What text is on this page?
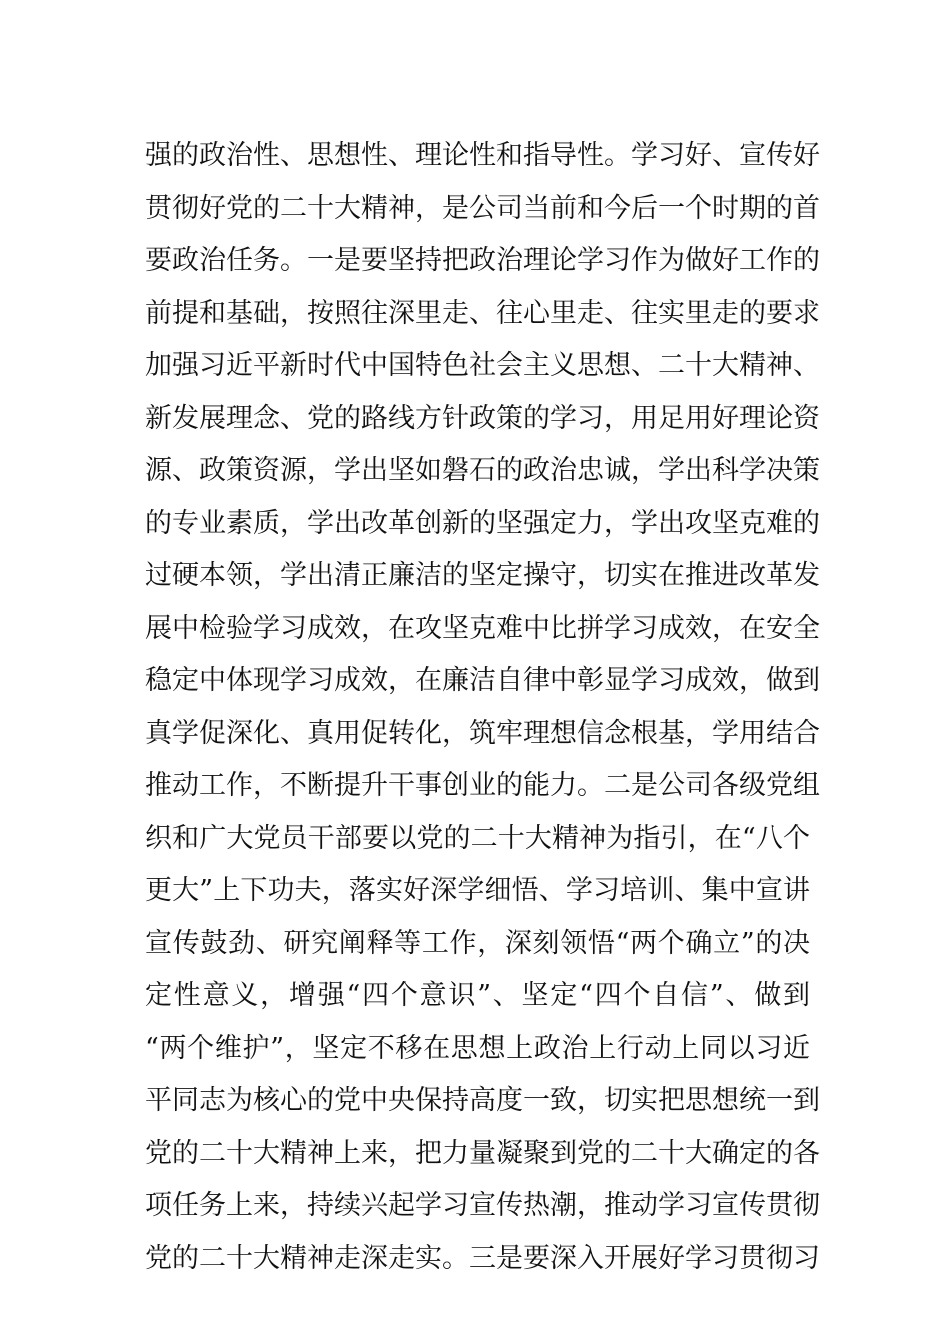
强的政治性、思想性、理论性和指导性。学习好、宣传好
贯彻好党的二十大精神，是公司当前和今后一个时期的首
要政治任务。一是要坚持把政治理论学习作为做好工作的
前提和基础，按照往深里走、往心里走、往实里走的要求
加强习近平新时代中国特色社会主义思想、二十大精神、
新发展理念、党的路线方针政策的学习，用足用好理论资
源、政策资源，学出坚如磐石的政治忠诚，学出科学决策
的专业素质，学出改革创新的坚强定力，学出攻坚克难的
过硬本领，学出清正廉洁的坚定操守，切实在推进改革发
展中检验学习成效，在攻坚克难中比拼学习成效，在安全
稳定中体现学习成效，在廉洁自律中彰显学习成效，做到
真学促深化、真用促转化，筑牢理想信念根基，学用结合
推动工作，不断提升干事创业的能力。二是公司各级党组
织和广大党员干部要以党的二十大精神为指引，在“八个
更大”上下功夫，落实好深学细悟、学习培训、集中宣讲
宣传鼓劲、研究阐释等工作，深刻领悟“两个确立”的决
定性意义，增强“四个意识”、坚定“四个自信”、做到
“两个维护”，坚定不移在思想上政治上行动上同以习近
平同志为核心的党中央保持高度一致，切实把思想统一到
党的二十大精神上来，把力量凝聚到党的二十大确定的各
项任务上来，持续兴起学习宣传热潮，推动学习宣传贯彻
党的二十大精神走深走实。三是要深入开展好学习贯彻习
